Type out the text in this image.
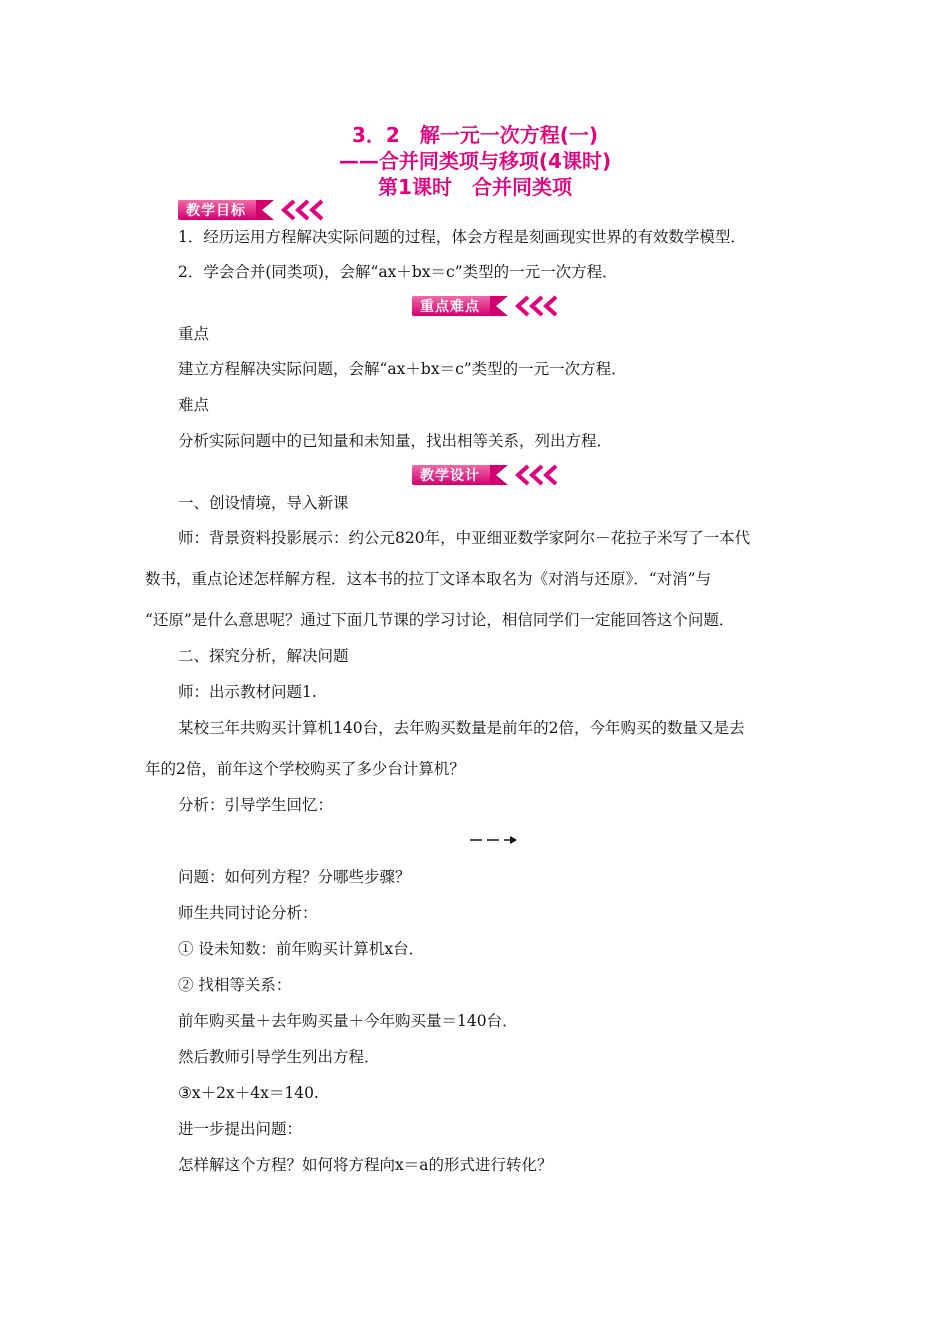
3．2　解一元一次方程(一)
——合并同类项与移项(4课时)
第1课时　合并同类项
教学目标
1．经历运用方程解决实际问题的过程，体会方程是刻画现实世界的有效数学模型．
2．学会合并(同类项)，会解“ax＋bx＝c”类型的一元一次方程．
重点难点
重点
建立方程解决实际问题，会解“ax＋bx＝c”类型的一元一次方程．
难点
分析实际问题中的已知量和未知量，找出相等关系，列出方程．
教学设计
一、创设情境，导入新课
师：背景资料投影展示：约公元820年，中亚细亚数学家阿尔－花拉子米写了一本代
数书，重点论述怎样解方程．这本书的拉丁文译本取名为《对消与还原》．“对消”与
“还原”是什么意思呢？通过下面几节课的学习讨论，相信同学们一定能回答这个问题．
二、探究分析，解决问题
师：出示教材问题1.
某校三年共购买计算机140台，去年购买数量是前年的2倍，今年购买的数量又是去
年的2倍，前年这个学校购买了多少台计算机？
分析：引导学生回忆：
问题：如何列方程？分哪些步骤？
师生共同讨论分析：
① 设未知数：前年购买计算机x台．
② 找相等关系：
前年购买量＋去年购买量＋今年购买量＝140台．
然后教师引导学生列出方程．
③x＋2x＋4x＝140.
进一步提出问题：
怎样解这个方程？如何将方程向x＝a的形式进行转化？
